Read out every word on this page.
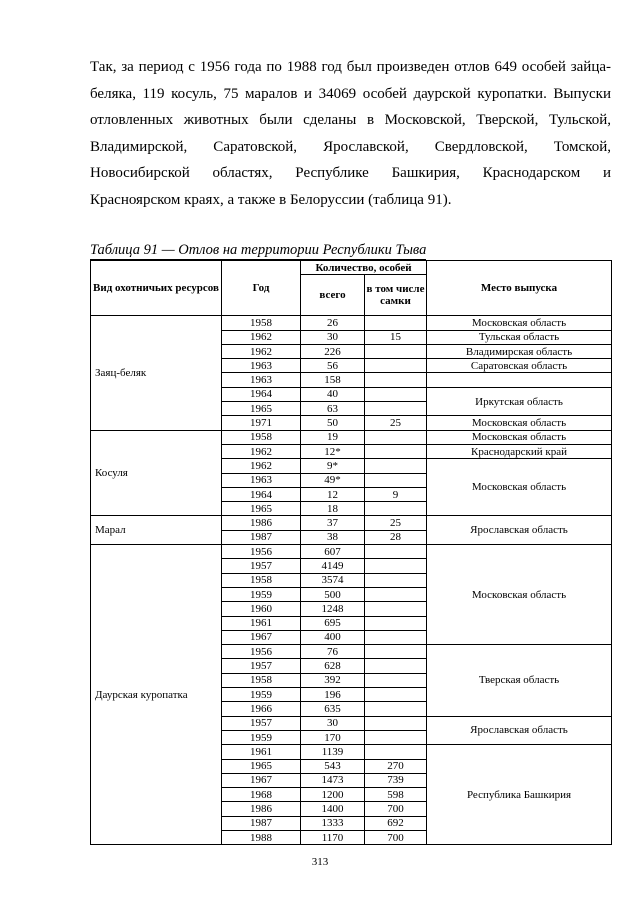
Так, за период с 1956 года по 1988 год был произведен отлов 649 особей зайца-
беляка, 119 косуль, 75 маралов и 34069 особей даурской куропатки. Выпуски
отловленных животных были сделаны в Московской, Тверской, Тульской,
Владимирской, Саратовской, Ярославской, Свердловской, Томской,
Новосибирской областях, Республике Башкирия, Краснодарском и
Красноярском краях, а также в Белоруссии (таблица 91).
Таблица 91 — Отлов на территории Республики Тыва
Вид охотничьих ресурсов	Год	Количество, особей		Место выпуска
		всего	в том числе самки	
Заяц-беляк	1958	26		Московская область
	1962	30	15	Тульская область
	1962	226		Владимирская область
	1963	56		Саратовская область
	1963	158		
	1964	40		Иркутская область
	1965	63		
	1971	50	25	Московская область
Косуля	1958	19		Московская область
	1962	12*		Краснодарский край
	1962	9*		Московская область
	1963	49*		
	1964	12	9	
	1965	18		
Марал	1986	37	25	Ярославская область
	1987	38	28	
Даурская куропатка	1956	607		Московская область
	1957	4149		
	1958	3574		
	1959	500		
	1960	1248		
	1961	695		
	1967	400		
	1956	76		Тверская область
	1957	628		
	1958	392		
	1959	196		
	1966	635		
	1957	30		Ярославская область
	1959	170		
	1961	1139		Республика Башкирия
	1965	543	270	
	1967	1473	739	
	1968	1200	598	
	1986	1400	700	
	1987	1333	692	
	1988	1170	700	
313
